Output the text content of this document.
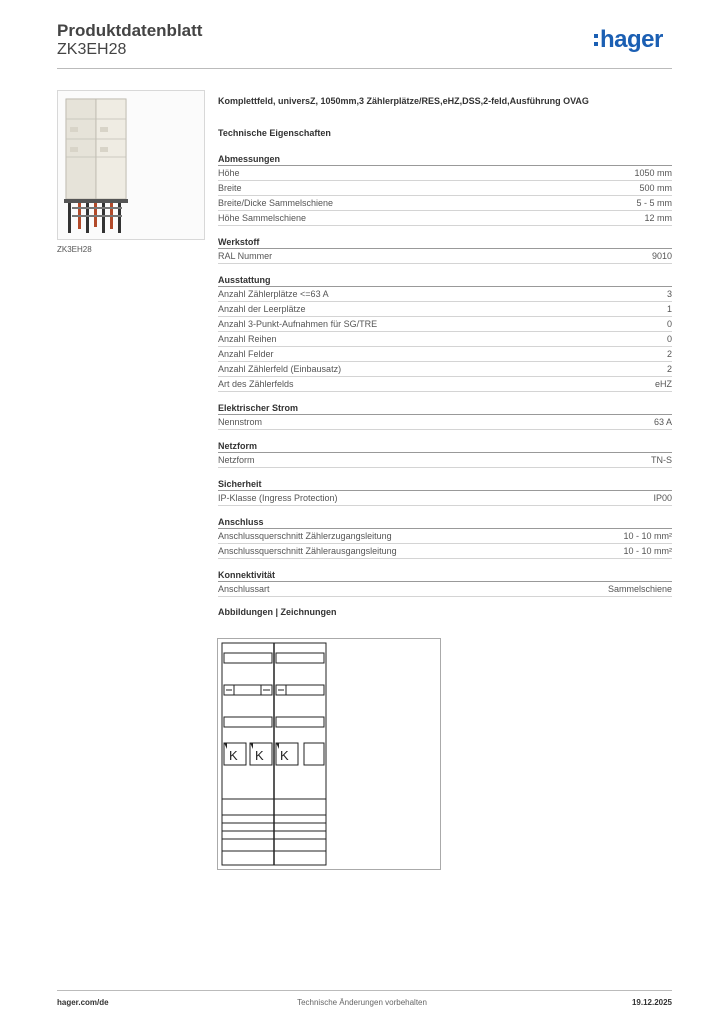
Produktdatenblatt
ZK3EH28	hager
ZK3EH28
Komplettfeld, universZ, 1050mm,3 Zählerplätze/RES,eHZ,DSS,2-feld,Ausführung OVAG
Technische Eigenschaften
Abmessungen
Höhe	1050 mm
Breite	500 mm
Breite/Dicke Sammelschiene	5 - 5 mm
Höhe Sammelschiene	12 mm
Werkstoff
RAL Nummer	9010
Ausstattung
Anzahl Zählerplätze <=63 A	3
Anzahl der Leerplätze	1
Anzahl 3-Punkt-Aufnahmen für SG/TRE	0
Anzahl Reihen	0
Anzahl Felder	2
Anzahl Zählerfeld (Einbausatz)	2
Art des Zählerfelds	eHZ
Elektrischer Strom
Nennstrom	63 A
Netzform
Netzform	TN-S
Sicherheit
IP-Klasse (Ingress Protection)	IP00
Anschluss
Anschlussquerschnitt Zählerzugangsleitung	10 - 10 mm²
Anschlussquerschnitt Zählerausgangsleitung	10 - 10 mm²
Konnektivität
Anschlussart	Sammelschiene
Abbildungen | Zeichnungen
K K K
hager.com/de	Technische Änderungen vorbehalten	19.12.2025
